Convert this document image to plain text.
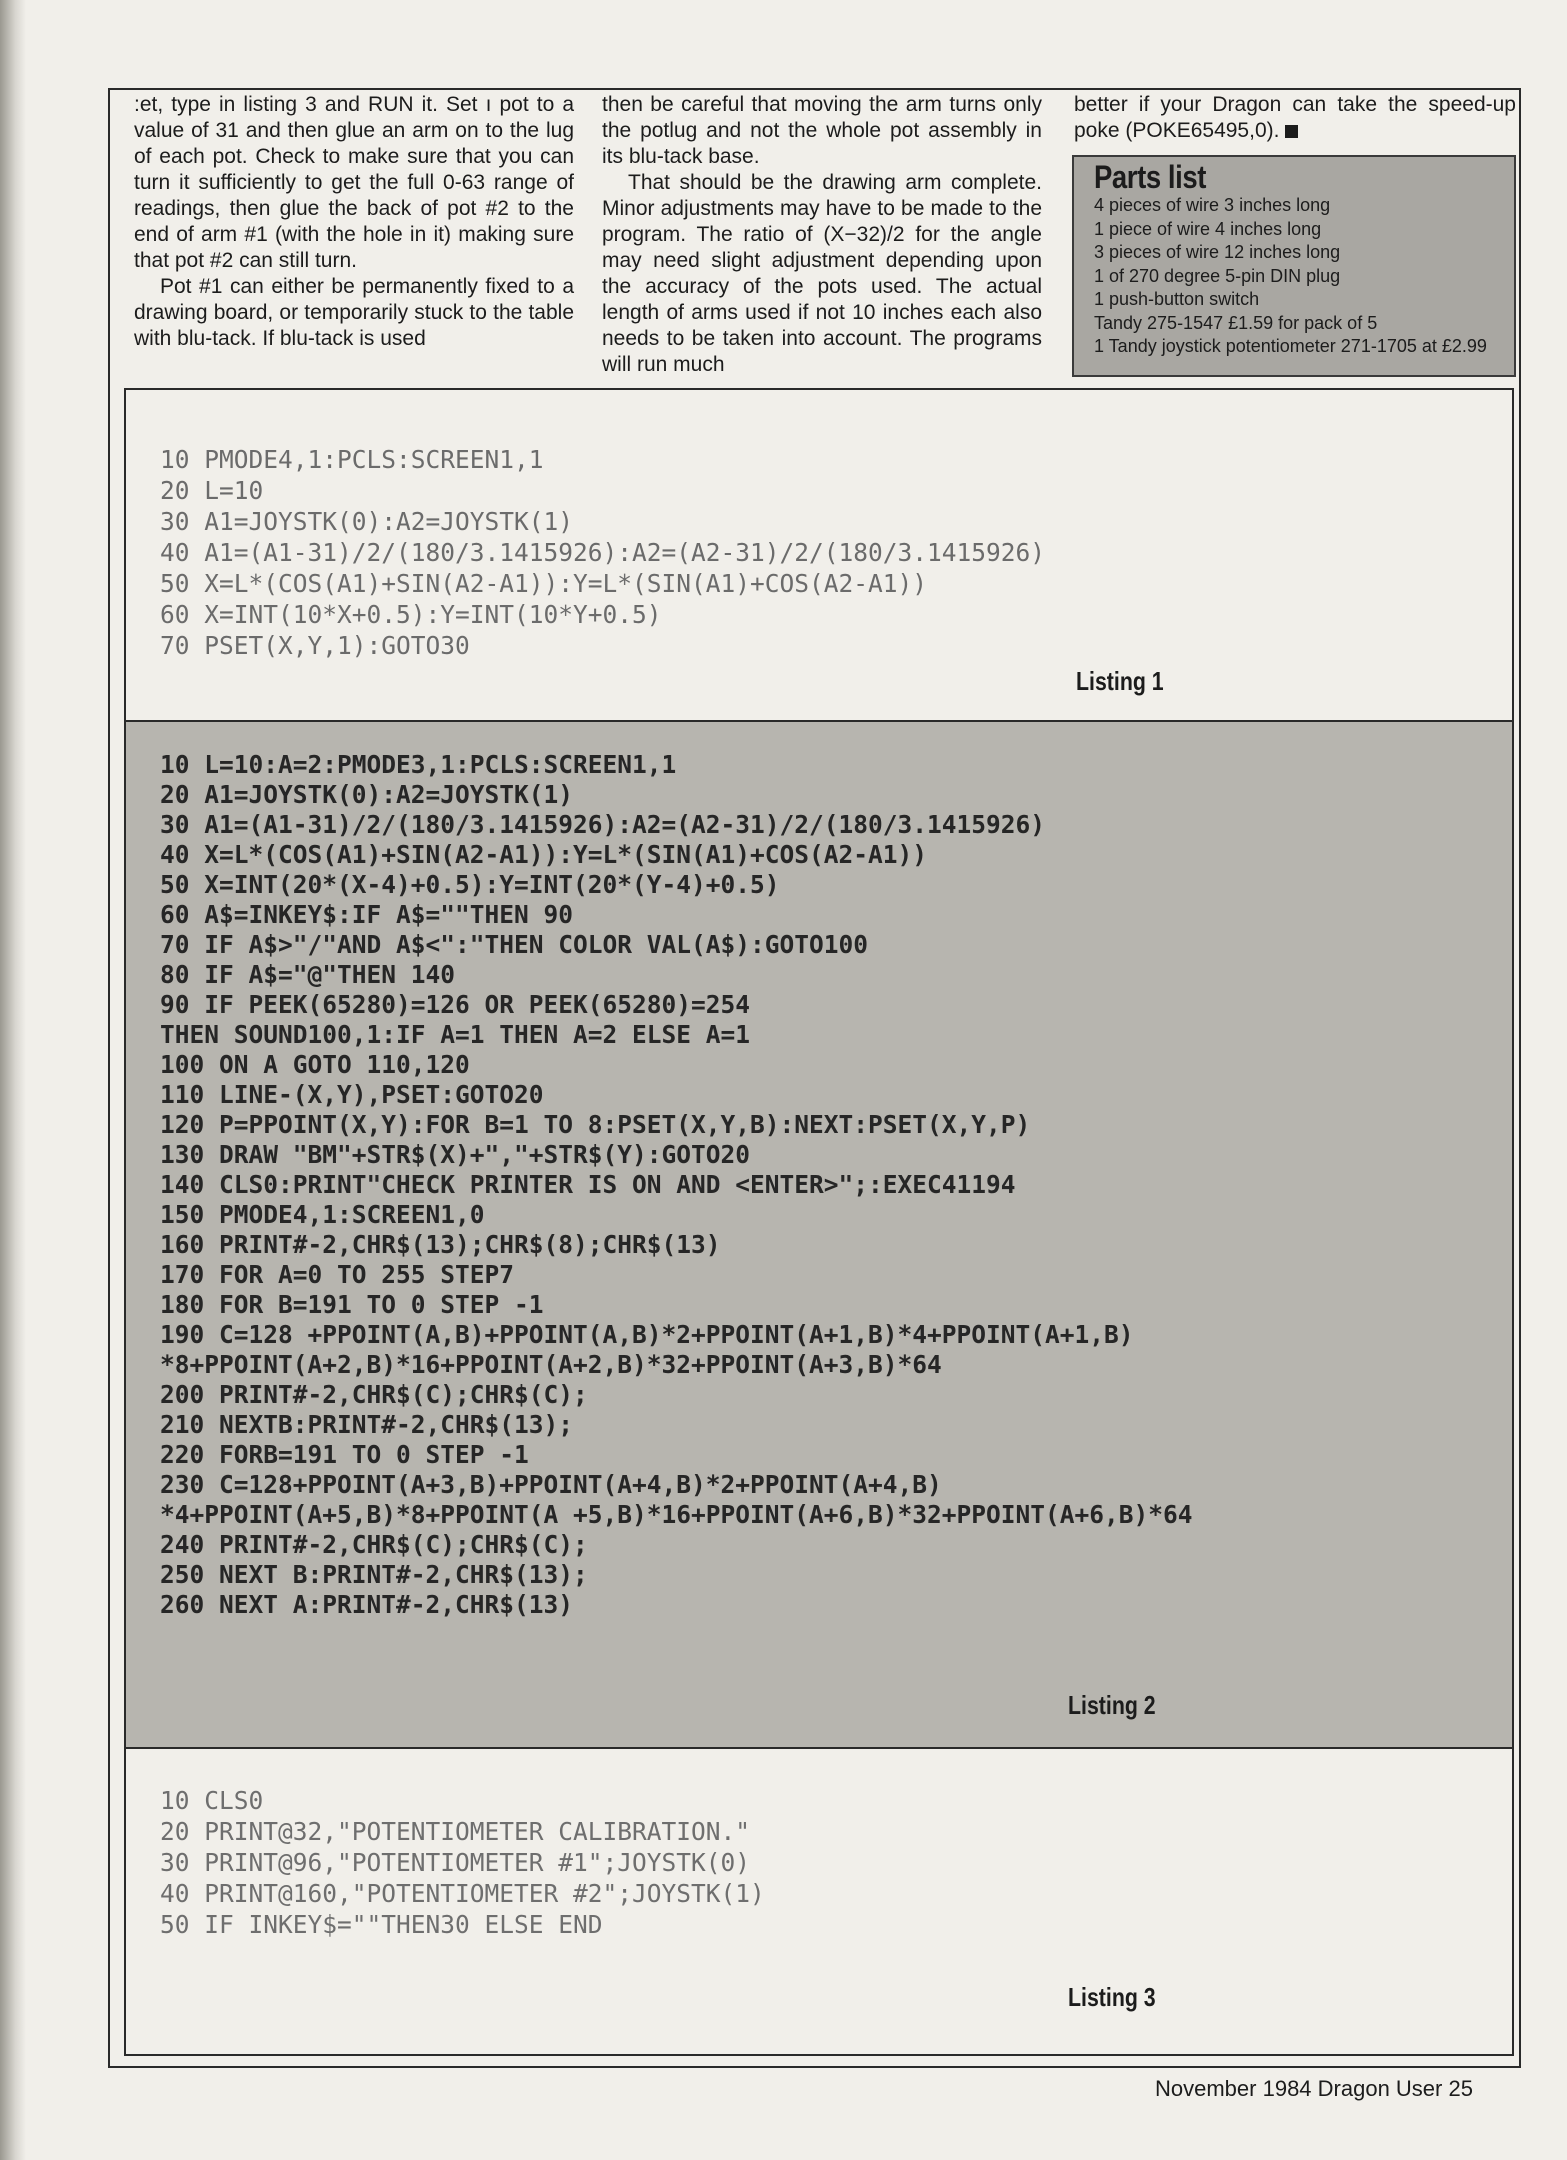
:et, type in listing 3 and RUN it. Set ı pot to a value of 31 and then glue an arm on to the lug of each pot. Check to make sure that you can turn it sufficiently to get the full 0-63 range of readings, then glue the back of pot #2 to the end of arm #1 (with the hole in it) making sure that pot #2 can still turn.

Pot #1 can either be permanently fixed to a drawing board, or temporarily stuck to the table with blu-tack. If blu-tack is used

then be careful that moving the arm turns only the potlug and not the whole pot assembly in its blu-tack base.

That should be the drawing arm complete. Minor adjustments may have to be made to the program. The ratio of (X−32)/2 for the angle may need slight adjustment depending upon the accuracy of the pots used. The actual length of arms used if not 10 inches each also needs to be taken into account. The programs will run much

better if your Dragon can take the speed-up poke (POKE65495,0).

Parts list
4 pieces of wire 3 inches long
1 piece of wire 4 inches long
3 pieces of wire 12 inches long
1 of 270 degree 5-pin DIN plug
1 push-button switch
Tandy 275-1547 £1.59 for pack of 5
1 Tandy joystick potentiometer 271-1705 at £2.99
10 PMODE4,1:PCLS:SCREEN1,1
20 L=10
30 A1=JOYSTK(0):A2=JOYSTK(1)
40 A1=(A1-31)/2/(180/3.1415926):A2=(A2-31)/2/(180/3.1415926)
50 X=L*(COS(A1)+SIN(A2-A1)):Y=L*(SIN(A1)+COS(A2-A1))
60 X=INT(10*X+0.5):Y=INT(10*Y+0.5)
70 PSET(X,Y,1):GOTO30
Listing 1
10 L=10:A=2:PMODE3,1:PCLS:SCREEN1,1
20 A1=JOYSTK(0):A2=JOYSTK(1)
30 A1=(A1-31)/2/(180/3.1415926):A2=(A2-31)/2/(180/3.1415926)
40 X=L*(COS(A1)+SIN(A2-A1)):Y=L*(SIN(A1)+COS(A2-A1))
50 X=INT(20*(X-4)+0.5):Y=INT(20*(Y-4)+0.5)
60 A$=INKEY$:IF A$=""THEN 90
70 IF A$>"/"AND A$<":"THEN COLOR VAL(A$):GOTO100
80 IF A$="@"THEN 140
90 IF PEEK(65280)=126 OR PEEK(65280)=254
THEN SOUND100,1:IF A=1 THEN A=2 ELSE A=1
100 ON A GOTO 110,120
110 LINE-(X,Y),PSET:GOTO20
120 P=PPOINT(X,Y):FOR B=1 TO 8:PSET(X,Y,B):NEXT:PSET(X,Y,P)
130 DRAW "BM"+STR$(X)+","+STR$(Y):GOTO20
140 CLS0:PRINT"CHECK PRINTER IS ON AND <ENTER>";:EXEC41194
150 PMODE4,1:SCREEN1,0
160 PRINT#-2,CHR$(13);CHR$(8);CHR$(13)
170 FOR A=0 TO 255 STEP7
180 FOR B=191 TO 0 STEP -1
190 C=128 +PPOINT(A,B)+PPOINT(A,B)*2+PPOINT(A+1,B)*4+PPOINT(A+1,B)
*8+PPOINT(A+2,B)*16+PPOINT(A+2,B)*32+PPOINT(A+3,B)*64
200 PRINT#-2,CHR$(C);CHR$(C);
210 NEXTB:PRINT#-2,CHR$(13);
220 FORB=191 TO 0 STEP -1
230 C=128+PPOINT(A+3,B)+PPOINT(A+4,B)*2+PPOINT(A+4,B)
*4+PPOINT(A+5,B)*8+PPOINT(A +5,B)*16+PPOINT(A+6,B)*32+PPOINT(A+6,B)*64
240 PRINT#-2,CHR$(C);CHR$(C);
250 NEXT B:PRINT#-2,CHR$(13);
260 NEXT A:PRINT#-2,CHR$(13)
Listing 2
10 CLS0
20 PRINT@32,"POTENTIOMETER CALIBRATION."
30 PRINT@96,"POTENTIOMETER #1";JOYSTK(0)
40 PRINT@160,"POTENTIOMETER #2";JOYSTK(1)
50 IF INKEY$=""THEN30 ELSE END
Listing 3
November 1984 Dragon User 25
